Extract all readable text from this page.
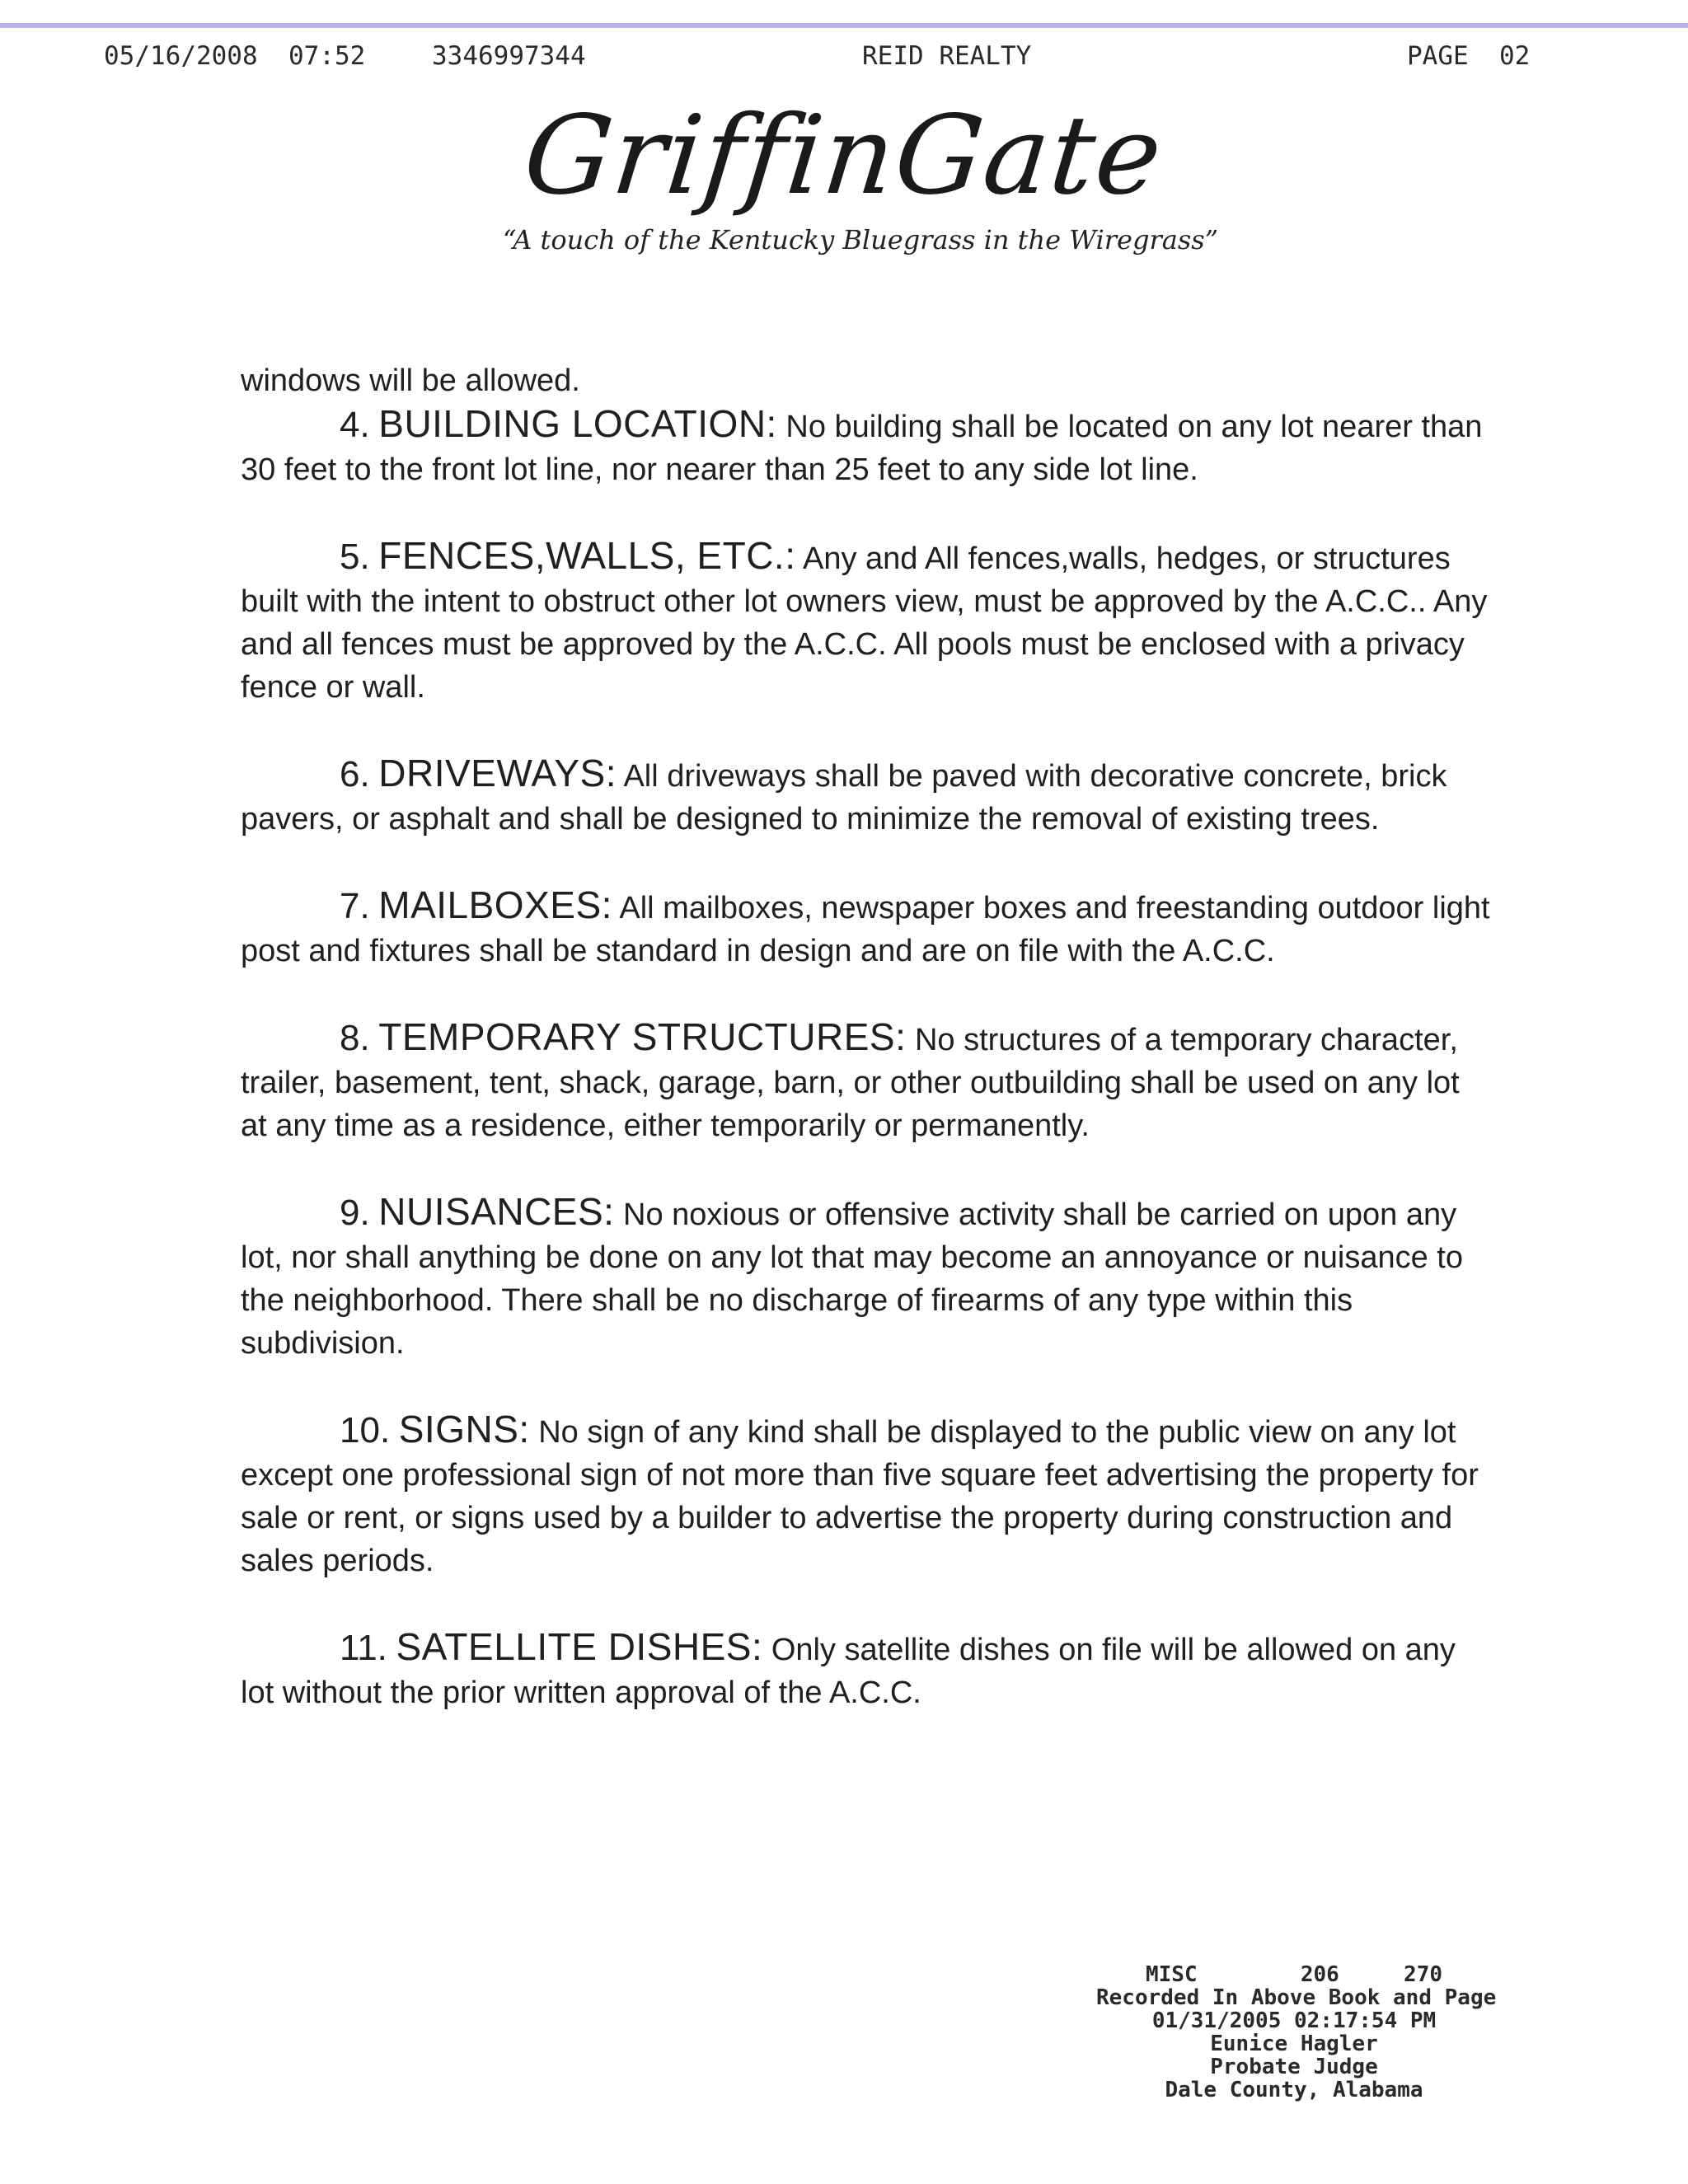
05/16/2008  07:52	3346997344	REID REALTY	PAGE  02
GriffinGate
“A touch of the Kentucky Bluegrass in the Wiregrass”

windows will be allowed.

4. BUILDING LOCATION: No building shall be located on any lot nearer than 30 feet to the front lot line, nor nearer than 25 feet to any side lot line.

5. FENCES,WALLS, ETC.: Any and All fences,walls, hedges, or structures built with the intent to obstruct other lot owners view, must be approved by the A.C.C.. Any and all fences must be approved by the A.C.C. All pools must be enclosed with a privacy fence or wall.

6. DRIVEWAYS: All driveways shall be paved with decorative concrete, brick pavers, or asphalt and shall be designed to minimize the removal of existing trees.

7. MAILBOXES: All mailboxes, newspaper boxes and freestanding outdoor light post and fixtures shall be standard in design and are on file with the A.C.C.

8. TEMPORARY STRUCTURES: No structures of a temporary character, trailer, basement, tent, shack, garage, barn, or other outbuilding shall be used on any lot at any time as a residence, either temporarily or permanently.

9. NUISANCES: No noxious or offensive activity shall be carried on upon any lot, nor shall anything be done on any lot that may become an annoyance or nuisance to the neighborhood. There shall be no discharge of firearms of any type within this subdivision.

10. SIGNS: No sign of any kind shall be displayed to the public view on any lot except one professional sign of not more than five square feet advertising the property for sale or rent, or signs used by a builder to advertise the property during construction and sales periods.

11. SATELLITE DISHES: Only satellite dishes on file will be allowed on any lot without the prior written approval of the A.C.C.

MISC        206     270
Recorded In Above Book and Page
01/31/2005 02:17:54 PM
Eunice Hagler
Probate Judge
Dale County, Alabama
